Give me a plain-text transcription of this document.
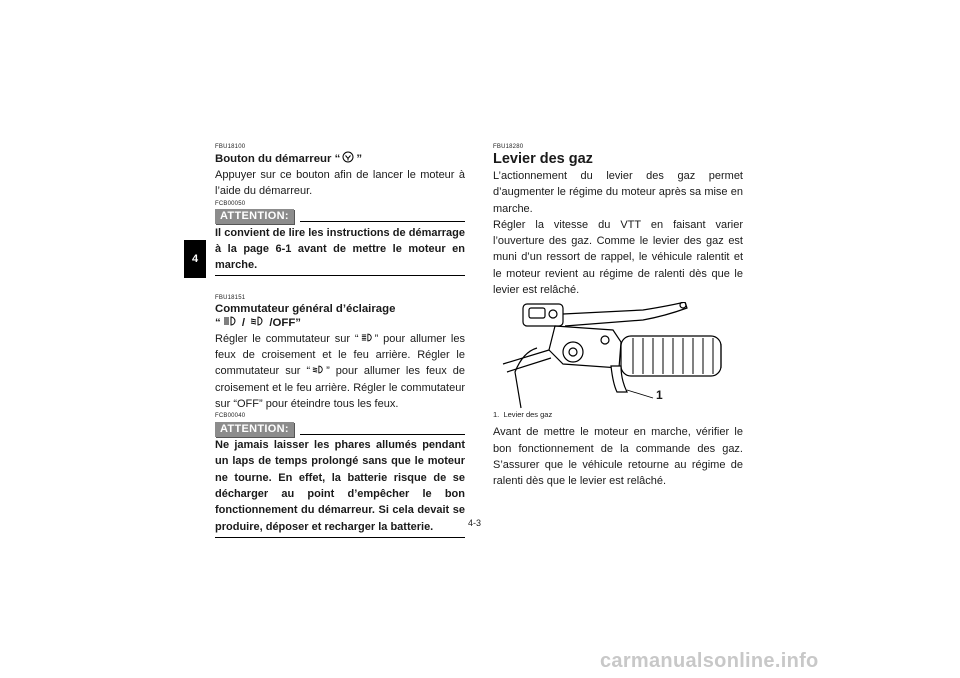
4

FBU18100

Bouton du démarreur “ ”

Appuyer sur ce bouton afin de lancer le moteur à l’aide du démarreur.

FCB00050

ATTENTION:

Il convient de lire les instructions de démarrage à la page 6-1 avant de mettre le moteur en marche.

FBU18151

Commutateur général d’éclairage

“ /  /OFF”

Régler le commutateur sur “ ” pour allumer les feux de croisement et le feu arrière. Régler le commutateur sur “ ” pour allumer les feux de croisement et le feu arrière. Régler le commutateur sur “OFF” pour éteindre tous les feux.

FCB00040

ATTENTION:

Ne jamais laisser les phares allumés pendant un laps de temps prolongé sans que le moteur ne tourne. En effet, la batterie risque de se décharger au point d’empêcher le bon fonctionnement du démarreur. Si cela devait se produire, déposer et recharger la batterie.

FBU18280

Levier des gaz

L’actionnement du levier des gaz permet d’augmenter le régime du moteur après sa mise en marche.

Régler la vitesse du VTT en faisant varier l’ouverture des gaz. Comme le levier des gaz est muni d’un ressort de rappel, le véhicule ralentit et le moteur revient au régime de ralenti dès que le levier est relâché.

1

1. Levier des gaz

Avant de mettre le moteur en marche, vérifier le bon fonctionnement de la commande des gaz. S’assurer que le véhicule retourne au régime de ralenti dès que le levier est relâché.

4-3
carmanualsonline.info
